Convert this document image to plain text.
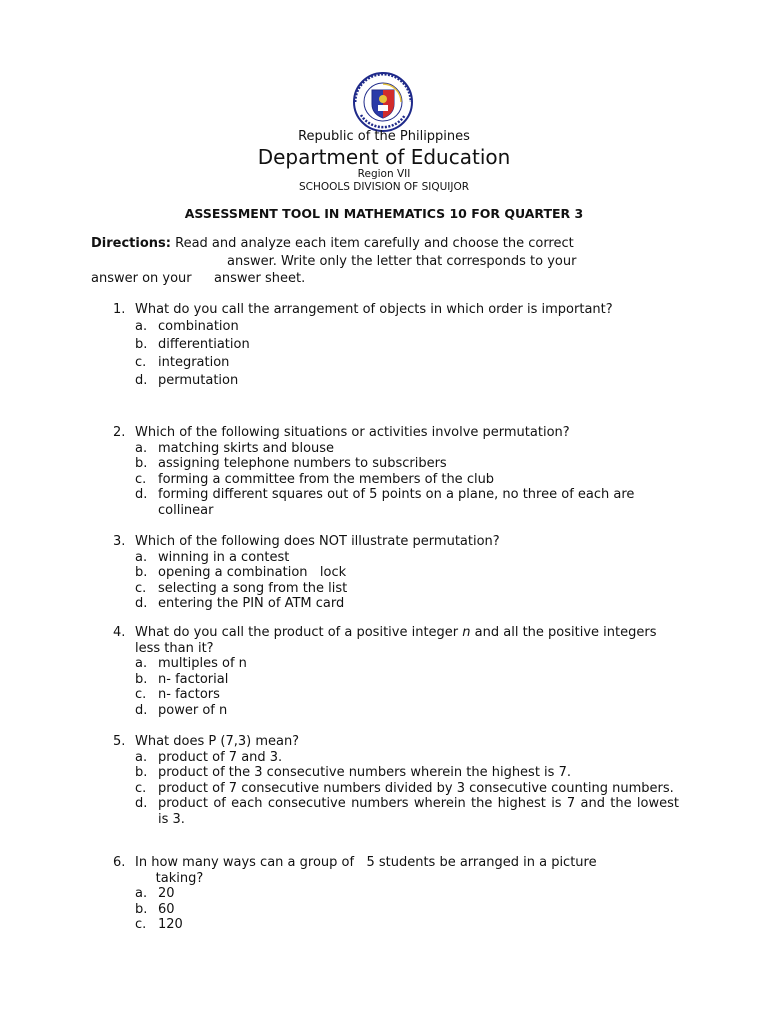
Republic of the Philippines
Department of Education
Region VII
SCHOOLS DIVISION OF SIQUIJOR
ASSESSMENT TOOL IN MATHEMATICS 10 FOR QUARTER 3
Directions: Read and analyze each item carefully and choose the correct
answer. Write only the letter that corresponds to your
answer on your answer sheet.
1. What do you call the arrangement of objects in which order is important?
a. combination
b. differentiation
c. integration
d. permutation
2. Which of the following situations or activities involve permutation?
a. matching skirts and blouse
b. assigning telephone numbers to subscribers
c. forming a committee from the members of the club
d. forming different squares out of 5 points on a plane, no three of each are collinear
3. Which of the following does NOT illustrate permutation?
a. winning in a contest
b. opening a combination   lock
c. selecting a song from the list
d. entering the PIN of ATM card
4. What do you call the product of a positive integer n and all the positive integers less than it?
a. multiples of n
b. n- factorial
c. n- factors
d. power of n
5. What does P (7,3) mean?
a. product of 7 and 3.
b. product of the 3 consecutive numbers wherein the highest is 7.
c. product of 7 consecutive numbers divided by 3 consecutive counting numbers.
d. product of each consecutive numbers wherein the highest is 7 and the lowest is 3.
6. In how many ways can a group of   5 students be arranged in a picture
taking?
a. 20
b. 60
c. 120
